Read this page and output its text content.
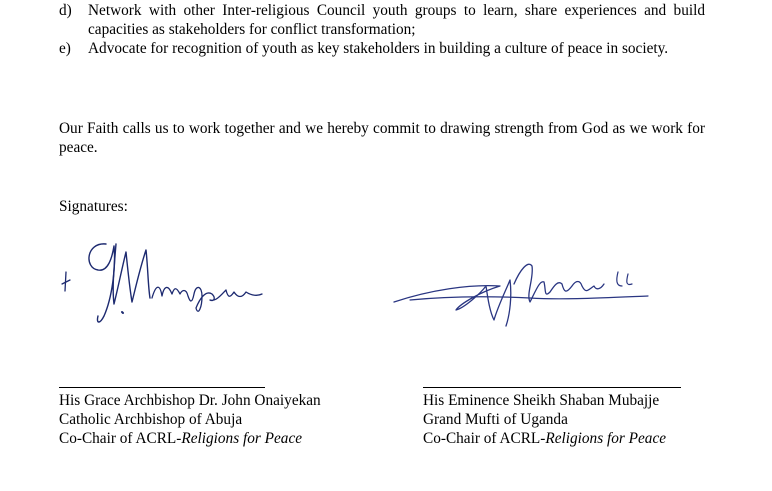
d) Network with other Inter-religious Council youth groups to learn, share experiences and build capacities as stakeholders for conflict transformation;
e) Advocate for recognition of youth as key stakeholders in building a culture of peace in society.
Our Faith calls us to work together and we hereby commit to drawing strength from God as we work for peace.
Signatures:
His Grace Archbishop Dr. John Onaiyekan
Catholic Archbishop of Abuja
Co-Chair of ACRL-Religions for Peace
His Eminence Sheikh Shaban Mubajje
Grand Mufti of Uganda
Co-Chair of ACRL-Religions for Peace
